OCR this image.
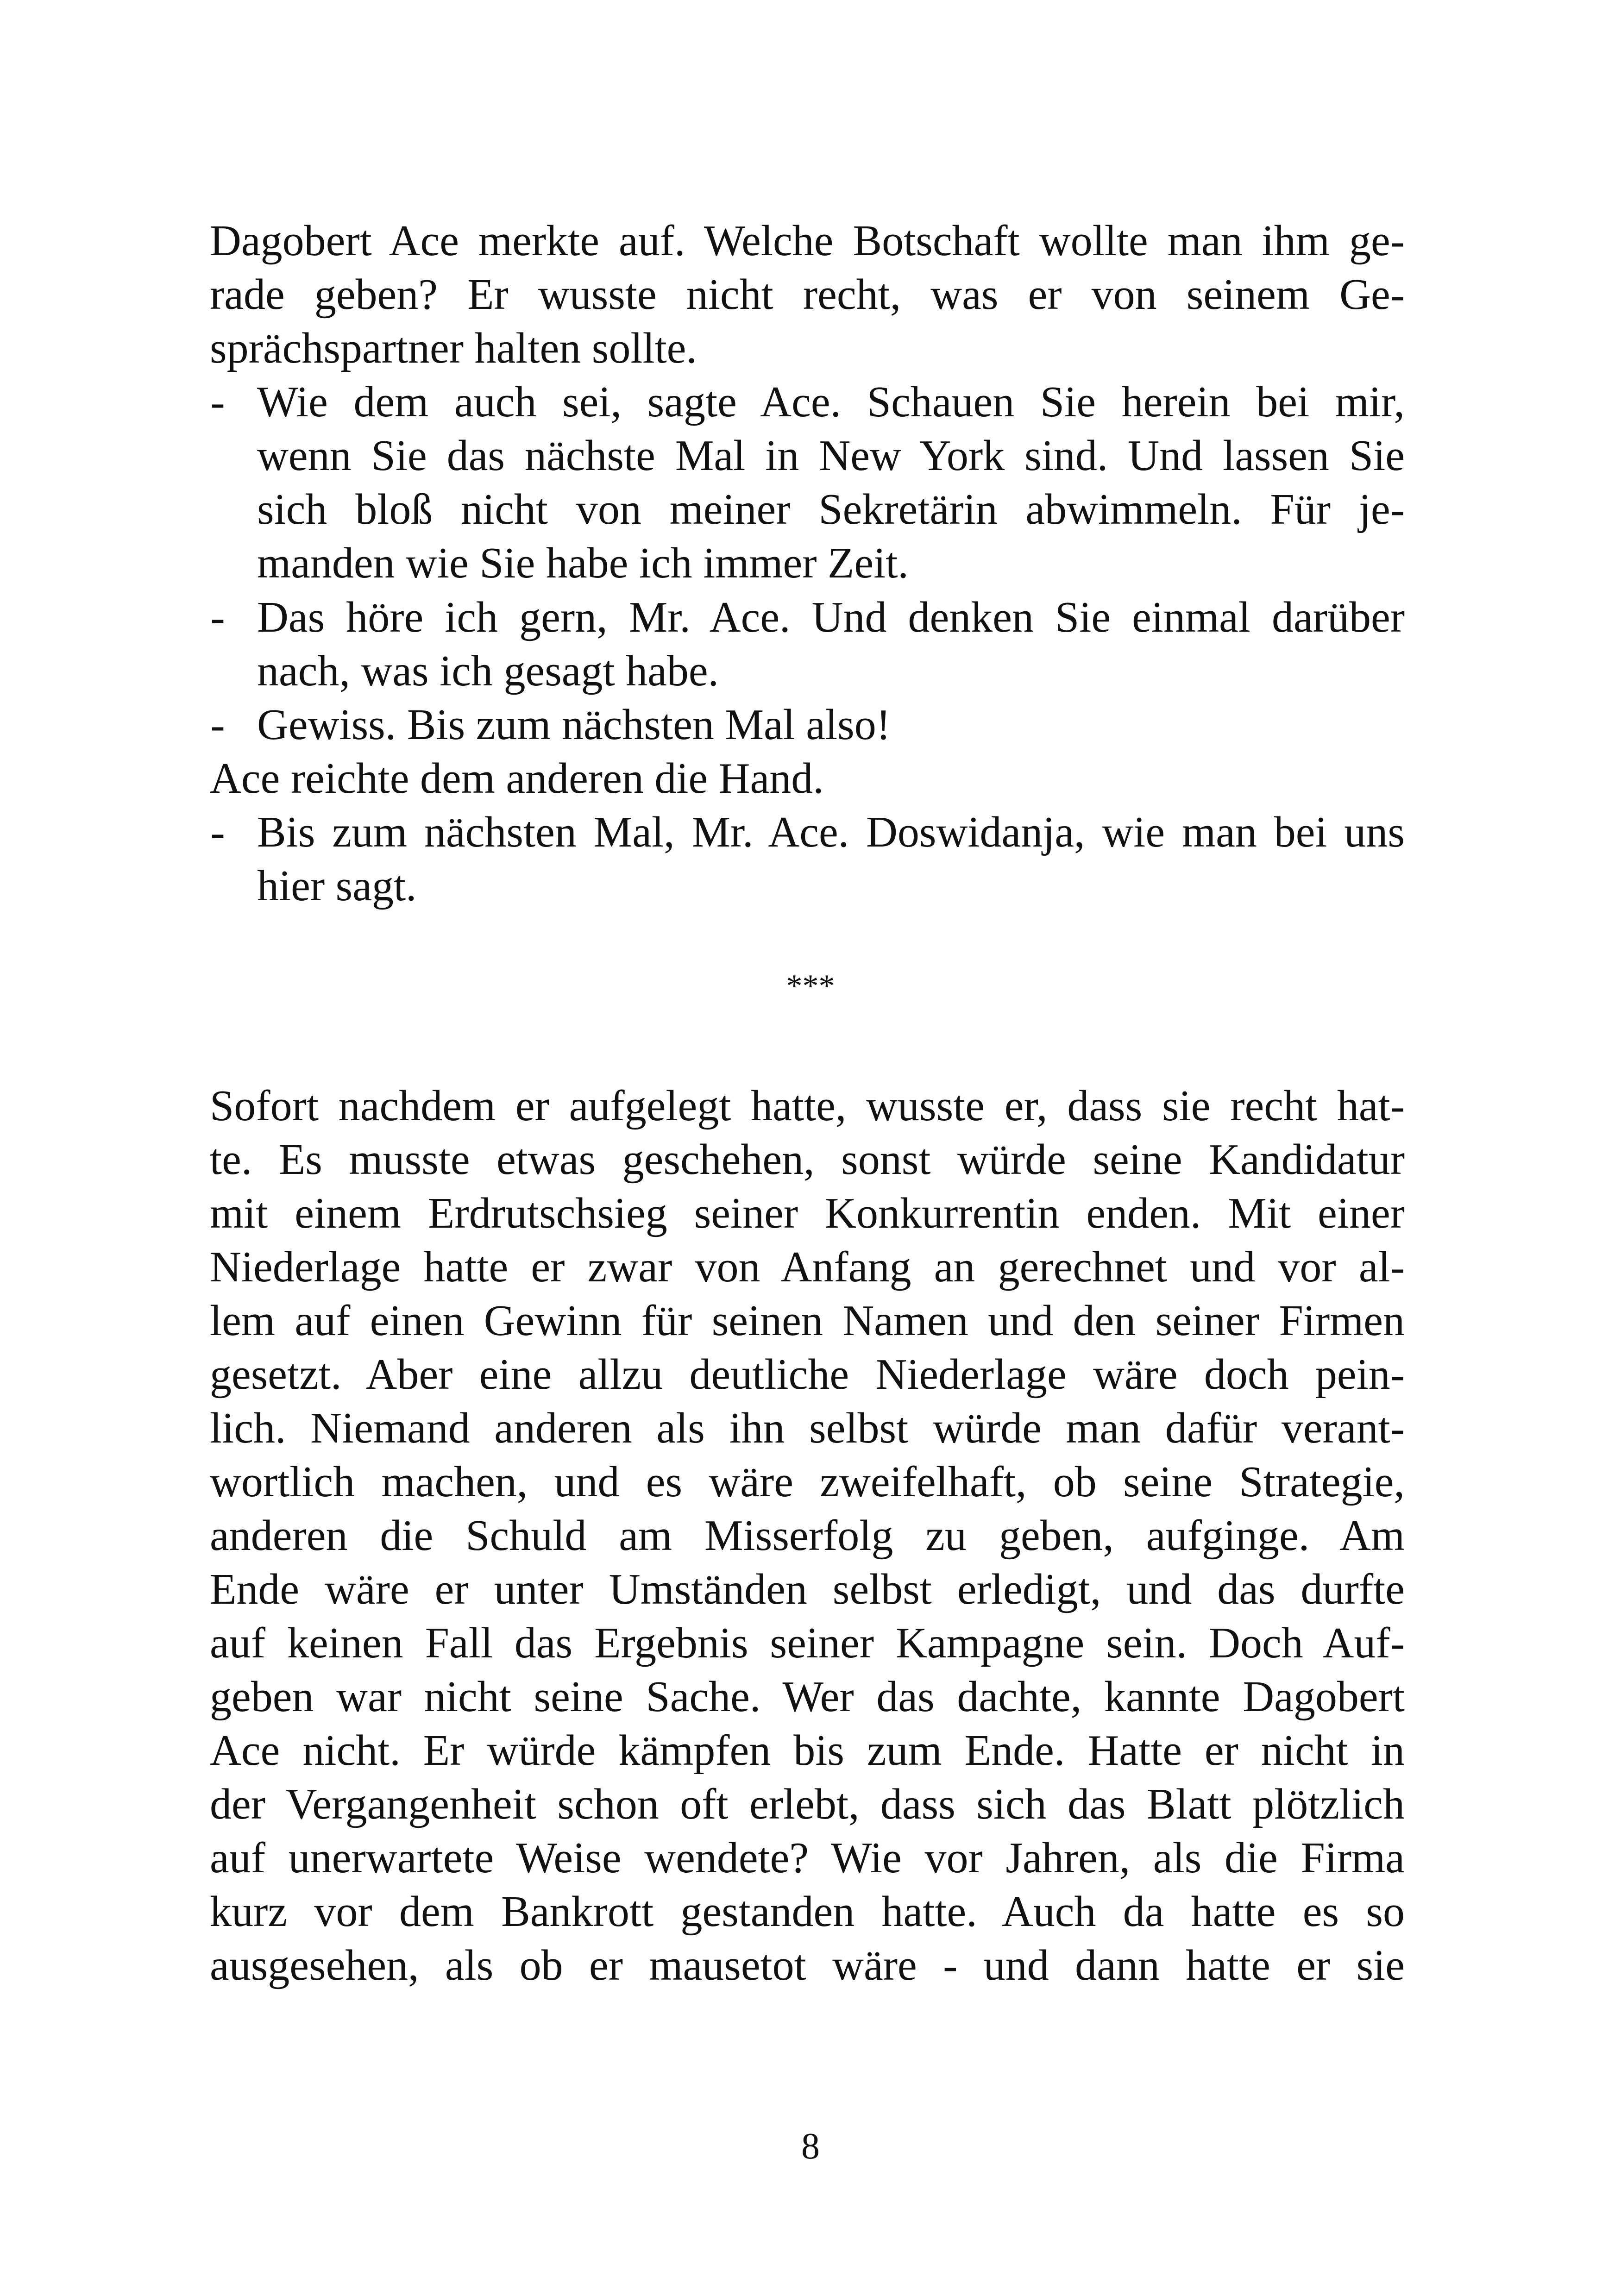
Dagobert Ace merkte auf. Welche Botschaft wollte man ihm ge-
rade geben? Er wusste nicht recht, was er von seinem Ge-
sprächspartner halten sollte.
- Wie dem auch sei, sagte Ace. Schauen Sie herein bei mir,
wenn Sie das nächste Mal in New York sind. Und lassen Sie
sich bloß nicht von meiner Sekretärin abwimmeln. Für je-
manden wie Sie habe ich immer Zeit.
- Das höre ich gern, Mr. Ace. Und denken Sie einmal darüber
nach, was ich gesagt habe.
- Gewiss. Bis zum nächsten Mal also!
Ace reichte dem anderen die Hand.
- Bis zum nächsten Mal, Mr. Ace. Doswidanja, wie man bei uns
hier sagt.
***
Sofort nachdem er aufgelegt hatte, wusste er, dass sie recht hat-
te. Es musste etwas geschehen, sonst würde seine Kandidatur
mit einem Erdrutschsieg seiner Konkurrentin enden. Mit einer
Niederlage hatte er zwar von Anfang an gerechnet und vor al-
lem auf einen Gewinn für seinen Namen und den seiner Firmen
gesetzt. Aber eine allzu deutliche Niederlage wäre doch pein-
lich. Niemand anderen als ihn selbst würde man dafür verant-
wortlich machen, und es wäre zweifelhaft, ob seine Strategie,
anderen die Schuld am Misserfolg zu geben, aufginge. Am
Ende wäre er unter Umständen selbst erledigt, und das durfte
auf keinen Fall das Ergebnis seiner Kampagne sein. Doch Auf-
geben war nicht seine Sache. Wer das dachte, kannte Dagobert
Ace nicht. Er würde kämpfen bis zum Ende. Hatte er nicht in
der Vergangenheit schon oft erlebt, dass sich das Blatt plötzlich
auf unerwartete Weise wendete? Wie vor Jahren, als die Firma
kurz vor dem Bankrott gestanden hatte. Auch da hatte es so
ausgesehen, als ob er mausetot wäre - und dann hatte er sie
8
